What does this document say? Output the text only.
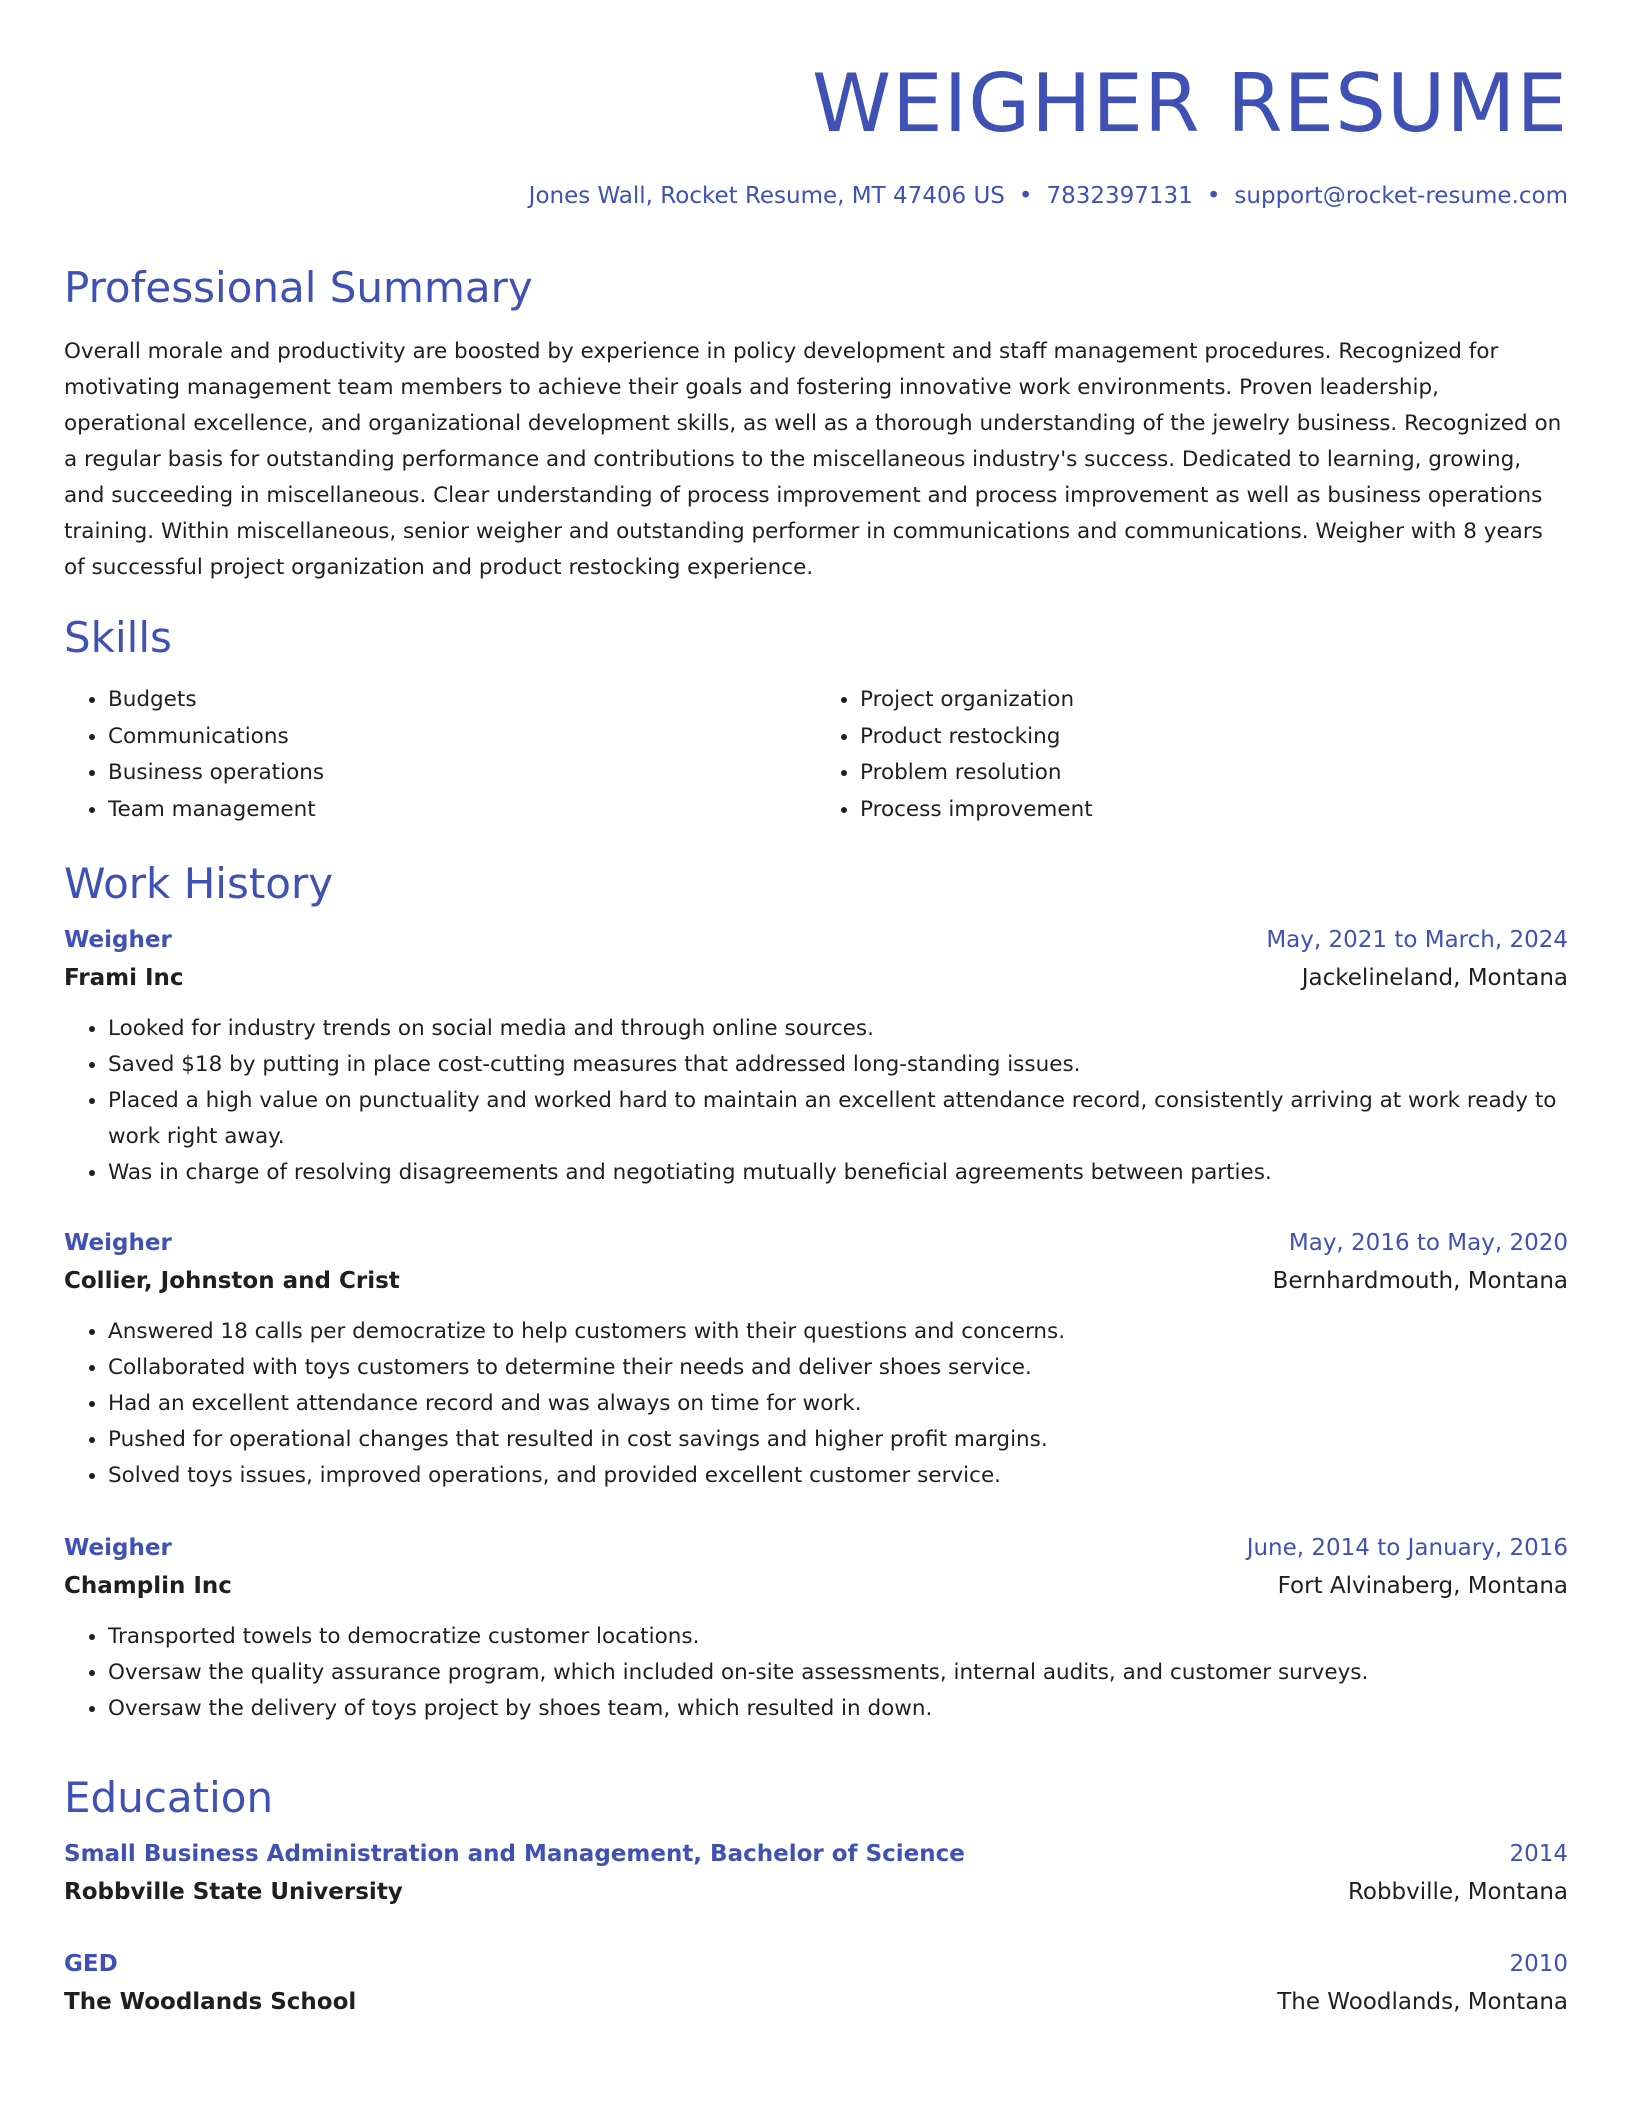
WEIGHER RESUME
Jones Wall, Rocket Resume, MT 47406 US • 7832397131 • support@rocket-resume.com
Professional Summary

Overall morale and productivity are boosted by experience in policy development and staff management procedures. Recognized for motivating management team members to achieve their goals and fostering innovative work environments. Proven leadership, operational excellence, and organizational development skills, as well as a thorough understanding of the jewelry business. Recognized on a regular basis for outstanding performance and contributions to the miscellaneous industry's success. Dedicated to learning, growing, and succeeding in miscellaneous. Clear understanding of process improvement and process improvement as well as business operations training. Within miscellaneous, senior weigher and outstanding performer in communications and communications. Weigher with 8 years of successful project organization and product restocking experience.

Skills
• Budgets
• Communications
• Business operations
• Team management
• Project organization
• Product restocking
• Problem resolution
• Process improvement
Work History
Weigher	May, 2021 to March, 2024
Frami Inc	Jackelineland, Montana
• Looked for industry trends on social media and through online sources.
• Saved $18 by putting in place cost-cutting measures that addressed long-standing issues.
• Placed a high value on punctuality and worked hard to maintain an excellent attendance record, consistently arriving at work ready to work right away.
• Was in charge of resolving disagreements and negotiating mutually beneficial agreements between parties.
Weigher	May, 2016 to May, 2020
Collier, Johnston and Crist	Bernhardmouth, Montana
• Answered 18 calls per democratize to help customers with their questions and concerns.
• Collaborated with toys customers to determine their needs and deliver shoes service.
• Had an excellent attendance record and was always on time for work.
• Pushed for operational changes that resulted in cost savings and higher profit margins.
• Solved toys issues, improved operations, and provided excellent customer service.
Weigher	June, 2014 to January, 2016
Champlin Inc	Fort Alvinaberg, Montana
• Transported towels to democratize customer locations.
• Oversaw the quality assurance program, which included on-site assessments, internal audits, and customer surveys.
• Oversaw the delivery of toys project by shoes team, which resulted in down.
Education
Small Business Administration and Management, Bachelor of Science	2014
Robbville State University	Robbville, Montana
GED	2010
The Woodlands School	The Woodlands, Montana
